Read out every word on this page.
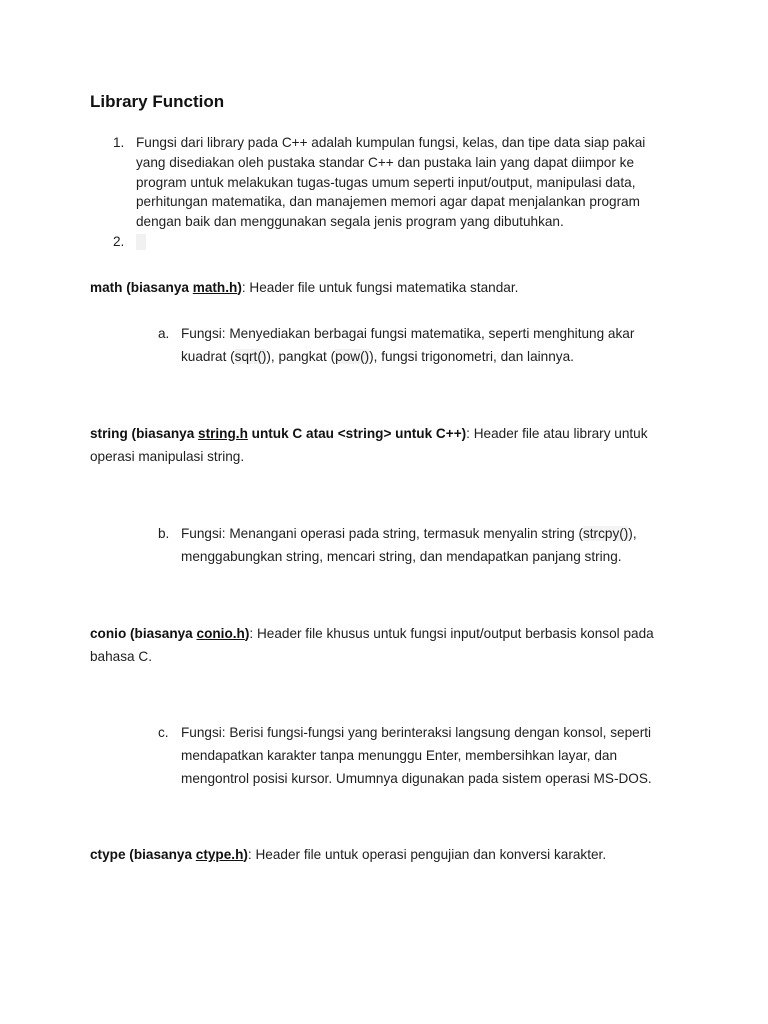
Library Function
1. Fungsi dari library pada C++ adalah kumpulan fungsi, kelas, dan tipe data siap pakai yang disediakan oleh pustaka standar C++ dan pustaka lain yang dapat diimpor ke program untuk melakukan tugas-tugas umum seperti input/output, manipulasi data, perhitungan matematika, dan manajemen memori agar dapat menjalankan program dengan baik dan menggunakan segala jenis program yang dibutuhkan.
2.
math (biasanya math.h): Header file untuk fungsi matematika standar.
a. Fungsi: Menyediakan berbagai fungsi matematika, seperti menghitung akar kuadrat (sqrt()), pangkat (pow()), fungsi trigonometri, dan lainnya.
string (biasanya string.h untuk C atau <string> untuk C++): Header file atau library untuk operasi manipulasi string.
b. Fungsi: Menangani operasi pada string, termasuk menyalin string (strcpy()), menggabungkan string, mencari string, dan mendapatkan panjang string.
conio (biasanya conio.h): Header file khusus untuk fungsi input/output berbasis konsol pada bahasa C.
c. Fungsi: Berisi fungsi-fungsi yang berinteraksi langsung dengan konsol, seperti mendapatkan karakter tanpa menunggu Enter, membersihkan layar, dan mengontrol posisi kursor. Umumnya digunakan pada sistem operasi MS-DOS.
ctype (biasanya ctype.h): Header file untuk operasi pengujian dan konversi karakter.
